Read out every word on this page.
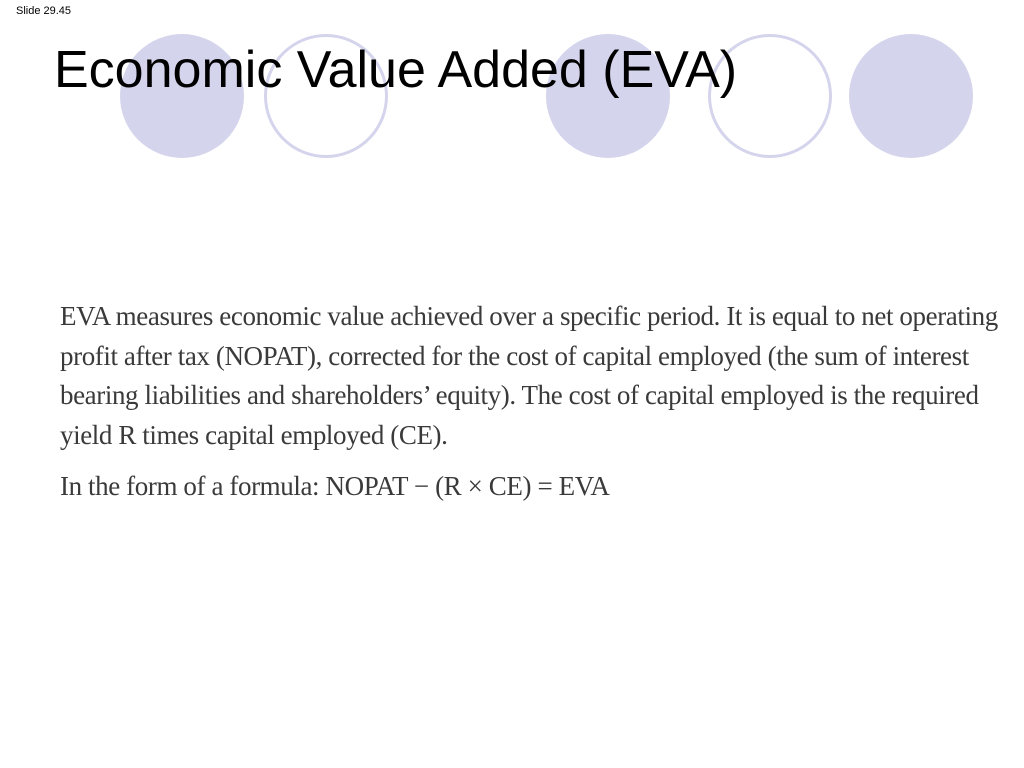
Slide 29.45
Economic Value Added (EVA)

EVA measures economic value achieved over a specific period. It is equal to net operating profit after tax (NOPAT), corrected for the cost of capital employed (the sum of interest bearing liabilities and shareholders’ equity). The cost of capital employed is the required yield R times capital employed (CE).

In the form of a formula: NOPAT − (R × CE) = EVA
